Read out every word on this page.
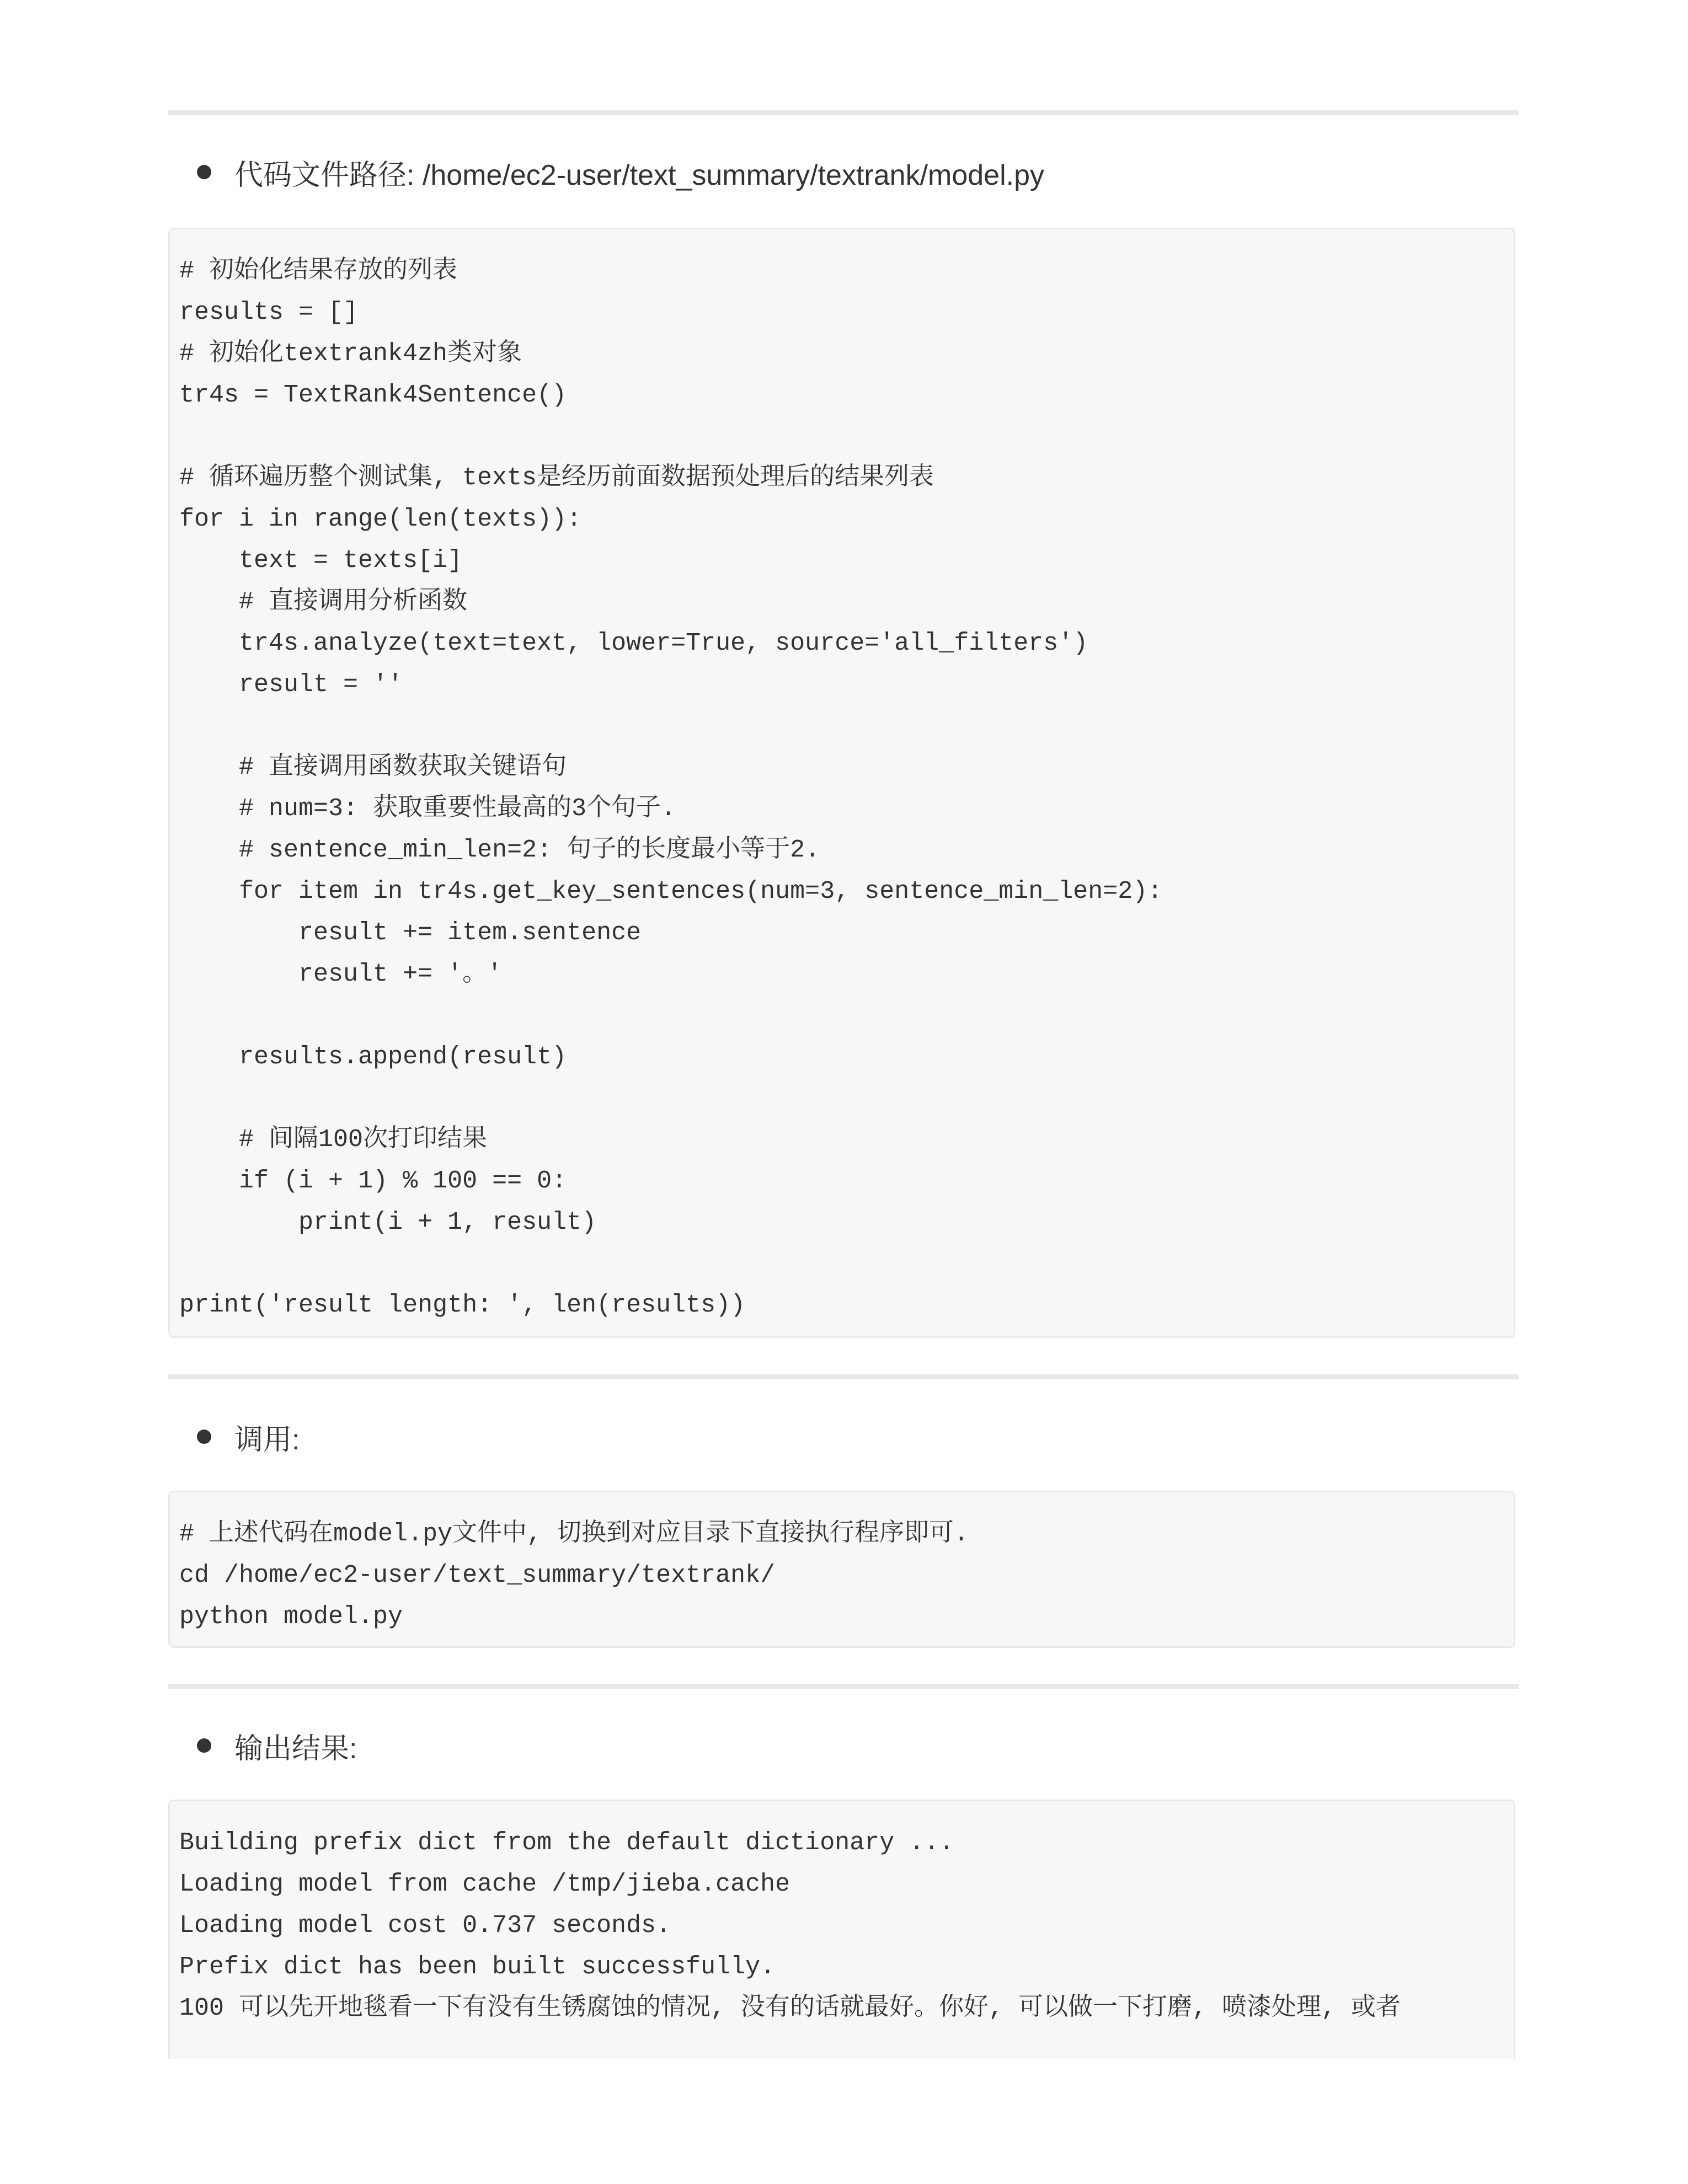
代码文件路径: /home/ec2-user/text_summary/textrank/model.py
# 初始化结果存放的列表
results = []
# 初始化textrank4zh类对象
tr4s = TextRank4Sentence()
# 循环遍历整个测试集, texts是经历前面数据预处理后的结果列表
for i in range(len(texts)):
text = texts[i]
# 直接调用分析函数
tr4s.analyze(text=text, lower=True, source='all_filters')
result = ''
# 直接调用函数获取关键语句
# num=3: 获取重要性最高的3个句子.
# sentence_min_len=2: 句子的长度最小等于2.
for item in tr4s.get_key_sentences(num=3, sentence_min_len=2):
result += item.sentence
result += '。'
results.append(result)
# 间隔100次打印结果
if (i + 1) % 100 == 0:
print(i + 1, result)
print('result length: ', len(results))
调用:
# 上述代码在model.py文件中, 切换到对应目录下直接执行程序即可.
cd /home/ec2-user/text_summary/textrank/
python model.py
输出结果:
Building prefix dict from the default dictionary ...
Loading model from cache /tmp/jieba.cache
Loading model cost 0.737 seconds.
Prefix dict has been built successfully.
100 可以先开地毯看一下有没有生锈腐蚀的情况, 没有的话就最好。你好, 可以做一下打磨, 喷漆处理, 或者
